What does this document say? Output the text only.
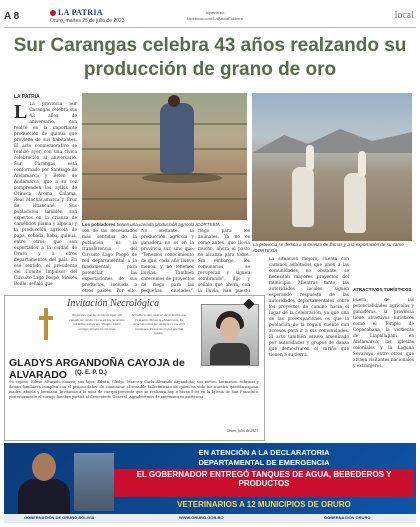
A 8	LA PATRIA
Oruro, martes 25 de julio de 2023
lapatria.bo
facebook.com/LaPatriaEnLinea	local
Sur Carangas celebra 43 años realzando su producción de grano de oro
LA PATRIA
L La provincia Sur Carangas celebró sus 43 años de aniversario, con realce en la importante producción de quinua que proviene de sus habitantes. El acto conmemorativo se realizó ayer, con una cívica celebración al aniversario. Sur Carangas está conformado por Santiago de Andamarca y Belén de Andamarca, que a su vez comprenden los ayllus de Orinoca, Aroma, Calama, Real Machacamarca y Cruz de Huancané. Sus pobladores también son expertos en la crianza de camélidos (llama y alpaca) y la producción agrícola de papa, cebada, haba, quinua, entre otros; que son exportados a la ciudad de Oruro y a otros departamentos del país. En ese sentido, el presidente del Comité Impulsor del Circuito Lago Poopó, Moisés Beille, señaló que

Los pobladores tienen una variada producción agrícola /CORTESÍA

son de las necesidades más sentidas de la población es la transferencia del Circuito Lago Poopó de red departamental a la fundamental, para potenciar las exportaciones de sus productos, incluida a otros países. Por ello,

No obstante, la producción agrícola y ganadera no es en la provincia sur, sino que. "Tenemos conocimiento de qué, cada año llueve menos, y no tenemos lluvias. También carecemos de proyectos de riego para las pequeñas ciudades",

riego para los animales. Ya no es como antes, que llovía mucho, ahora el pasto no alcanza para todos. Sin embargo, los comunarios se recuperan y siguen sembrando", dijo y señaló que ahora, con la lluvia, han puesto

La provincia se dedica a la crianza de llamas y a la exportación de su carne /CORTESÍA

La situación mejoró, cuenta con caminos asfaltados que unen a las comunidades; no obstante, se necesitan mayores proyectos del municipio. Mientras tanto, las autoridades locales siguen esperando respuesta de las autoridades departamentales sobre los proyectos de camino hacia el lugar de la celebración, ya que una de las preocupaciones es que la población de la región cuente con accesos para ir a sus comunidades. El acto también estuvo amenizado por autoridades y grupos de danza que demostraron el cariño que tienen a su tierra.

ATRACTIVOS TURÍSTICOS

Fuera de las potencialidades agrícolas y ganaderas, la provincia tiene atractivos turísticos como el Templo de Copacabana, la vertiente de Llapallapani en Andamarca, las iglesias coloniales y la Laguna Sevaruyo, entre otros, que atraen visitantes nacionales y extranjeros.

Invitación Necrológica
No pienses que me he ido al sigue allí cuando me sientes cerca, en tus recuerdos tus bellas memorias. Siempre estaré contigo, aunque no me veas.
Si hubiera sido ya lo sé, de lo mucho que yo te amo. Nunca te olvidaremos. Tu recuerdo vivirá por siempre en nuestros corazones. Descansa en paz querida madre.
GLADYS ARGANDOÑA CAYOJA de ALVARADO	(Q. E. P. D.)
Su esposo: Edwin Alvarado Suarez; sus hijos: Edwin, Gladys, Marco y Carla Alvarado Argandoña; sus nietos, hermanos, sobrinos y demás familiares cumplen con el penoso deber de comunicar el sensible fallecimiento de quien en vida fue nuestra querida esposa, madre, abuela y hermana. Invitamos a la misa de cuerpo presente que se realizará hoy a horas 9:00 en la Iglesia de San Francisco, posteriormente el cortejo fúnebre partirá al Cementerio General. Agradecemos de antemano su asistencia.
Oruro, julio de 2023
EN ATENCIÓN A LA DECLARATORIA
DEPARTAMENTAL DE EMERGENCIA
EL GOBERNADOR ENTREGÓ TANQUES DE AGUA, BEBEDEROS Y PRODUCTOS
VETERINARIOS A 12 MUNICIPIOS DE ORURO
GOBERNACIÓN DE ORURO BOLIVIA	WWW.ORURO.GOB.BO	GOBERNACIÓN ORURO
